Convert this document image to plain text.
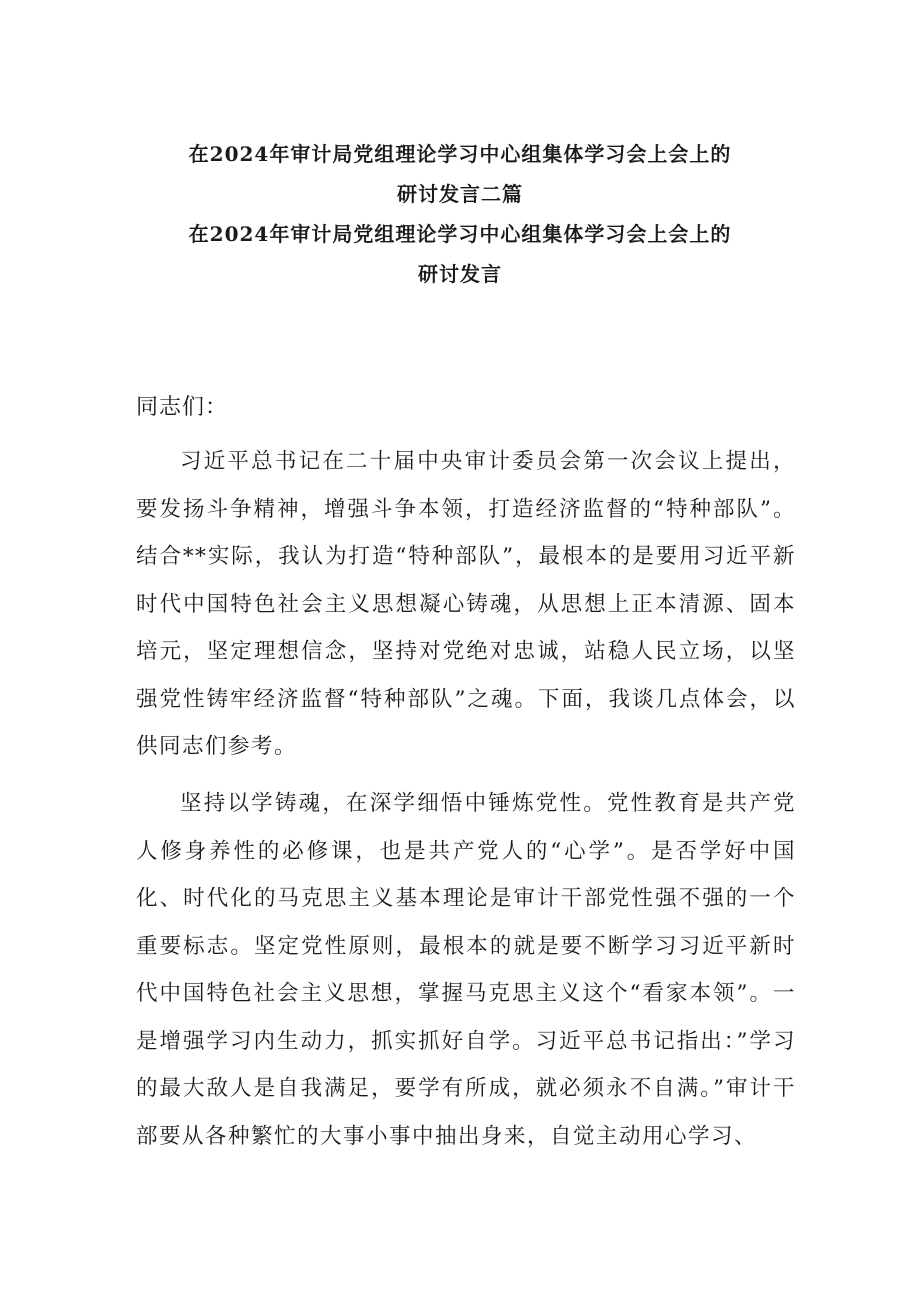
在2024年审计局党组理论学习中心组集体学习会上会上的
研讨发言二篇
在2024年审计局党组理论学习中心组集体学习会上会上的
研讨发言
同志们：

习近平总书记在二十届中央审计委员会第一次会议上提出，要发扬斗争精神，增强斗争本领，打造经济监督的“特种部队”。结合**实际，我认为打造“特种部队”，最根本的是要用习近平新时代中国特色社会主义思想凝心铸魂，从思想上正本清源、固本培元，坚定理想信念，坚持对党绝对忠诚，站稳人民立场，以坚强党性铸牢经济监督“特种部队”之魂。下面，我谈几点体会，以供同志们参考。

坚持以学铸魂，在深学细悟中锤炼党性。党性教育是共产党人修身养性的必修课，也是共产党人的“心学”。是否学好中国化、时代化的马克思主义基本理论是审计干部党性强不强的一个重要标志。坚定党性原则，最根本的就是要不断学习习近平新时代中国特色社会主义思想，掌握马克思主义这个“看家本领”。一是增强学习内生动力，抓实抓好自学。习近平总书记指出：”学习的最大敌人是自我满足，要学有所成，就必须永不自满。”审计干部要从各种繁忙的大事小事中抽出身来，自觉主动用心学习、
